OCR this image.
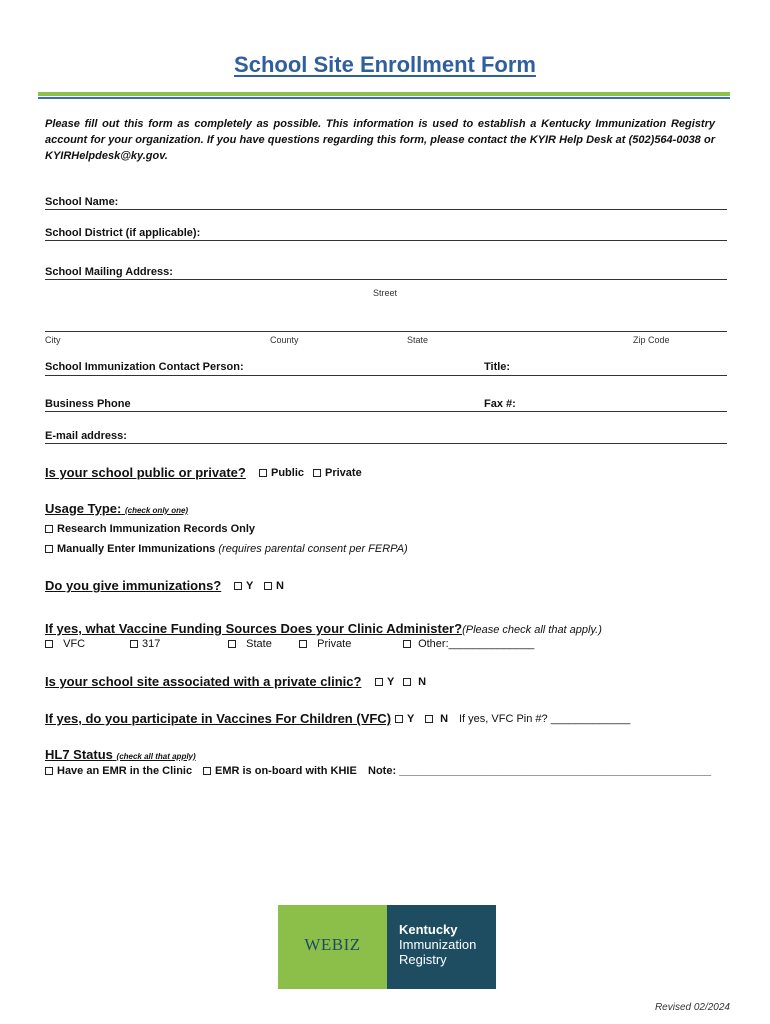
School Site Enrollment Form
Please fill out this form as completely as possible. This information is used to establish a Kentucky Immunization Registry account for your organization. If you have questions regarding this form, please contact the KYIR Help Desk at (502)564-0038 or KYIRHelpdesk@ky.gov.
School Name:
School District (if applicable):
School Mailing Address:
Street
City	County	State	Zip Code
School Immunization Contact Person:	Title:
Business Phone	Fax #:
E-mail address:
Is your school public or private?	Public	Private
Usage Type: (check only one)
Research Immunization Records Only
Manually Enter Immunizations (requires parental consent per FERPA)
Do you give immunizations?	Y	N
If yes, what Vaccine Funding Sources Does your Clinic Administer?(Please check all that apply.)
VFC	317	State	Private	Other:______________
Is your school site associated with a private clinic?	Y	N
If yes, do you participate in Vaccines For Children (VFC)	Y	N If yes, VFC Pin #? _____________
HL7 Status (check all that apply)
Have an EMR in the Clinic	EMR is on-board with KHIE Note: ___________________________________________________
WEBIZ
Kentucky
Immunization
Registry
Revised 02/2024
